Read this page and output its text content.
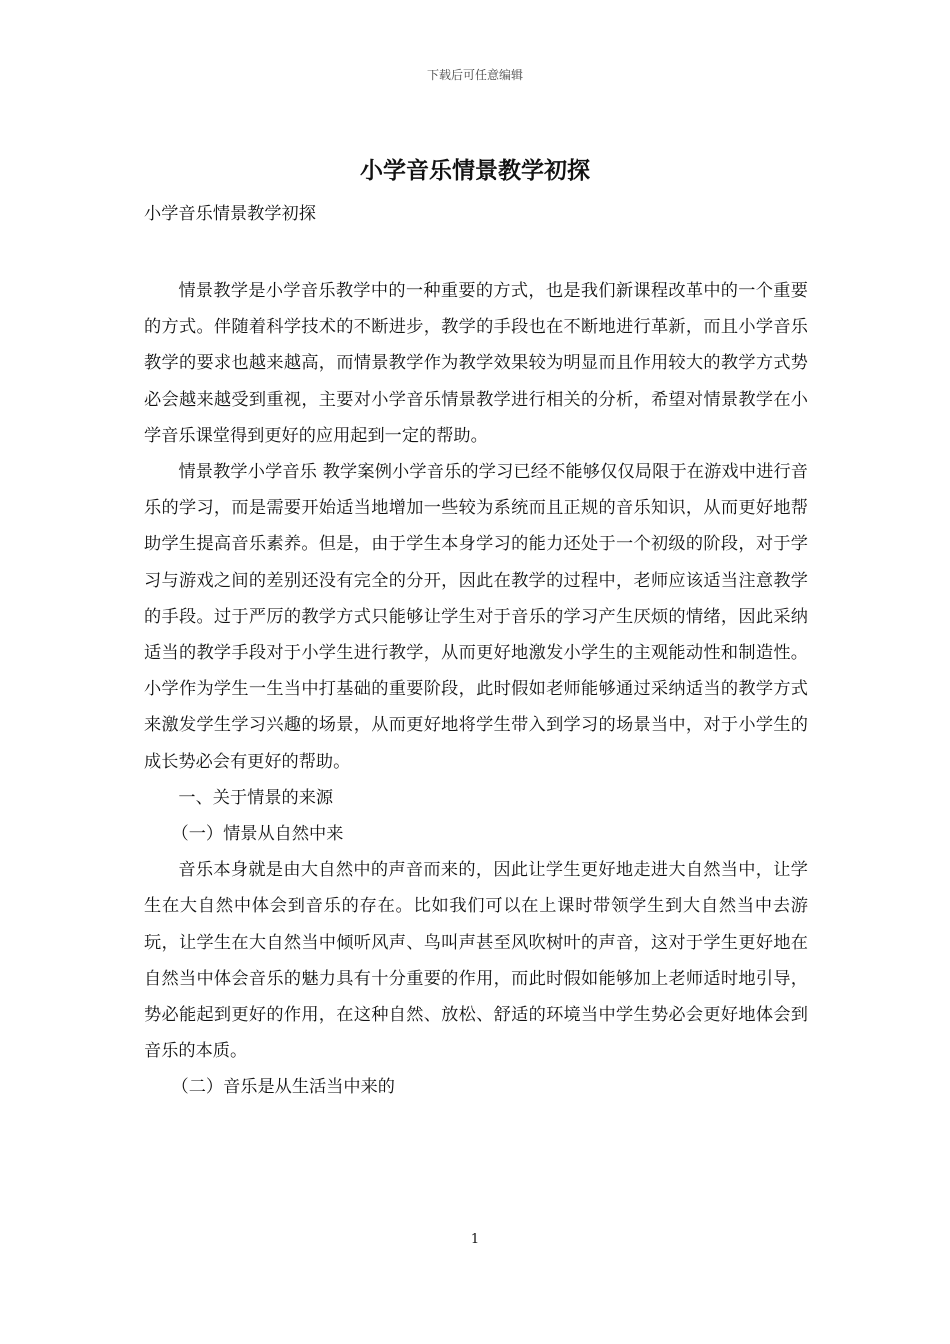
下载后可任意编辑
小学音乐情景教学初探

小学音乐情景教学初探

情景教学是小学音乐教学中的一种重要的方式，也是我们新课程改革中的一个重要的方式。伴随着科学技术的不断进步，教学的手段也在不断地进行革新，而且小学音乐教学的要求也越来越高，而情景教学作为教学效果较为明显而且作用较大的教学方式势必会越来越受到重视，主要对小学音乐情景教学进行相关的分析，希望对情景教学在小学音乐课堂得到更好的应用起到一定的帮助。

情景教学小学音乐 教学案例小学音乐的学习已经不能够仅仅局限于在游戏中进行音乐的学习，而是需要开始适当地增加一些较为系统而且正规的音乐知识，从而更好地帮助学生提高音乐素养。但是，由于学生本身学习的能力还处于一个初级的阶段，对于学习与游戏之间的差别还没有完全的分开，因此在教学的过程中，老师应该适当注意教学的手段。过于严厉的教学方式只能够让学生对于音乐的学习产生厌烦的情绪，因此采纳适当的教学手段对于小学生进行教学，从而更好地激发小学生的主观能动性和制造性。小学作为学生一生当中打基础的重要阶段，此时假如老师能够通过采纳适当的教学方式来激发学生学习兴趣的场景，从而更好地将学生带入到学习的场景当中，对于小学生的成长势必会有更好的帮助。

一、关于情景的来源

（一）情景从自然中来

音乐本身就是由大自然中的声音而来的，因此让学生更好地走进大自然当中，让学生在大自然中体会到音乐的存在。比如我们可以在上课时带领学生到大自然当中去游玩，让学生在大自然当中倾听风声、鸟叫声甚至风吹树叶的声音，这对于学生更好地在自然当中体会音乐的魅力具有十分重要的作用，而此时假如能够加上老师适时地引导，势必能起到更好的作用，在这种自然、放松、舒适的环境当中学生势必会更好地体会到音乐的本质。

（二）音乐是从生活当中来的

1
